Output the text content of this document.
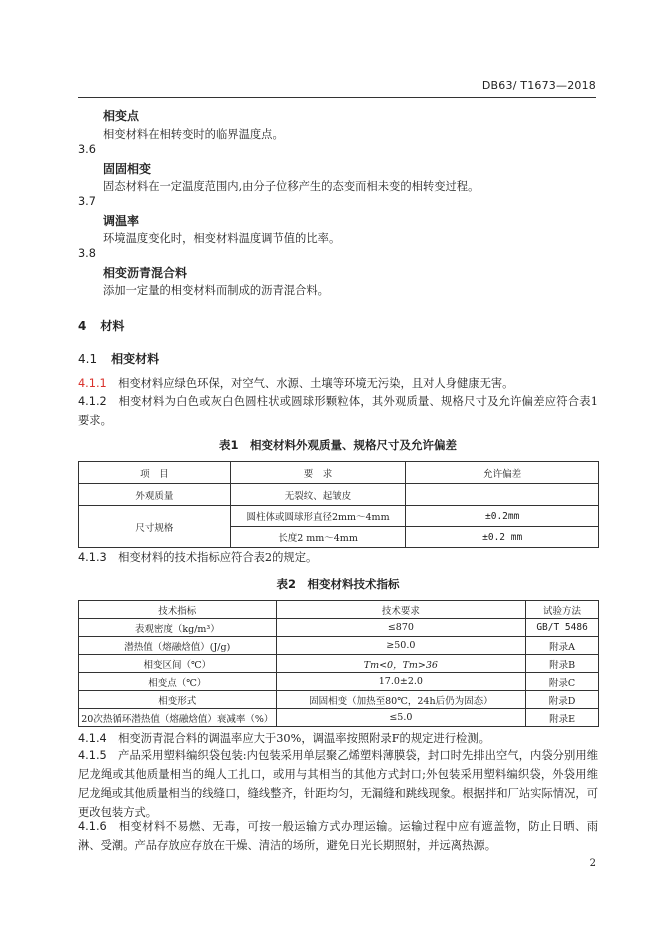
DB63/ T1673—2018
相变点
相变材料在相转变时的临界温度点。
3.6
固固相变
固态材料在一定温度范围内,由分子位移产生的态变而相未变的相转变过程。
3.7
调温率
环境温度变化时，相变材料温度调节值的比率。
3.8
相变沥青混合料
添加一定量的相变材料而制成的沥青混合料。
4 材料
4.1 相变材料
4.1.1　 相变材料应绿色环保，对空气、水源、土壤等环境无污染，且对人身健康无害。
4.1.2　 相变材料为白色或灰白色圆柱状或圆球形颗粒体，其外观质量、规格尺寸及允许偏差应符合表1要求。
表1　相变材料外观质量、规格尺寸及允许偏差
项　目	要　求	允许偏差
外观质量	无裂纹、起皱皮	
尺寸规格	圆柱体或圆球形直径2mm～4mm	±0.2mm
	长度2 mm～4mm	±0.2 mm
4.1.3　 相变材料的技术指标应符合表2的规定。
表2　相变材料技术指标
技术指标	技术要求	试验方法
表观密度（kg/m³）	≤870	GB/T 5486
潜热值（熔融焓值）(J/g)	≥50.0	附录A
相变区间（℃）	Tm<0，Tm>36	附录B
相变点（℃）	17.0±2.0	附录C
相变形式	固固相变（加热至80℃，24h后仍为固态）	附录D
20次热循环潜热值（熔融焓值）衰减率（%）	≤5.0	附录E
4.1.4　 相变沥青混合料的调温率应大于30%，调温率按照附录F的规定进行检测。
4.1.5　 产品采用塑料编织袋包装:内包装采用单层聚乙烯塑料薄膜袋，封口时先排出空气，内袋分别用维尼龙绳或其他质量相当的绳人工扎口，或用与其相当的其他方式封口;外包装采用塑料编织袋，外袋用维尼龙绳或其他质量相当的线缝口，缝线整齐，针距均匀，无漏缝和跳线现象。根据拌和厂站实际情况，可更改包装方式。
4.1.6　 相变材料不易燃、无毒，可按一般运输方式办理运输。运输过程中应有遮盖物，防止日晒、雨淋、受潮。产品存放应存放在干燥、清洁的场所，避免日光长期照射，并远离热源。
2
